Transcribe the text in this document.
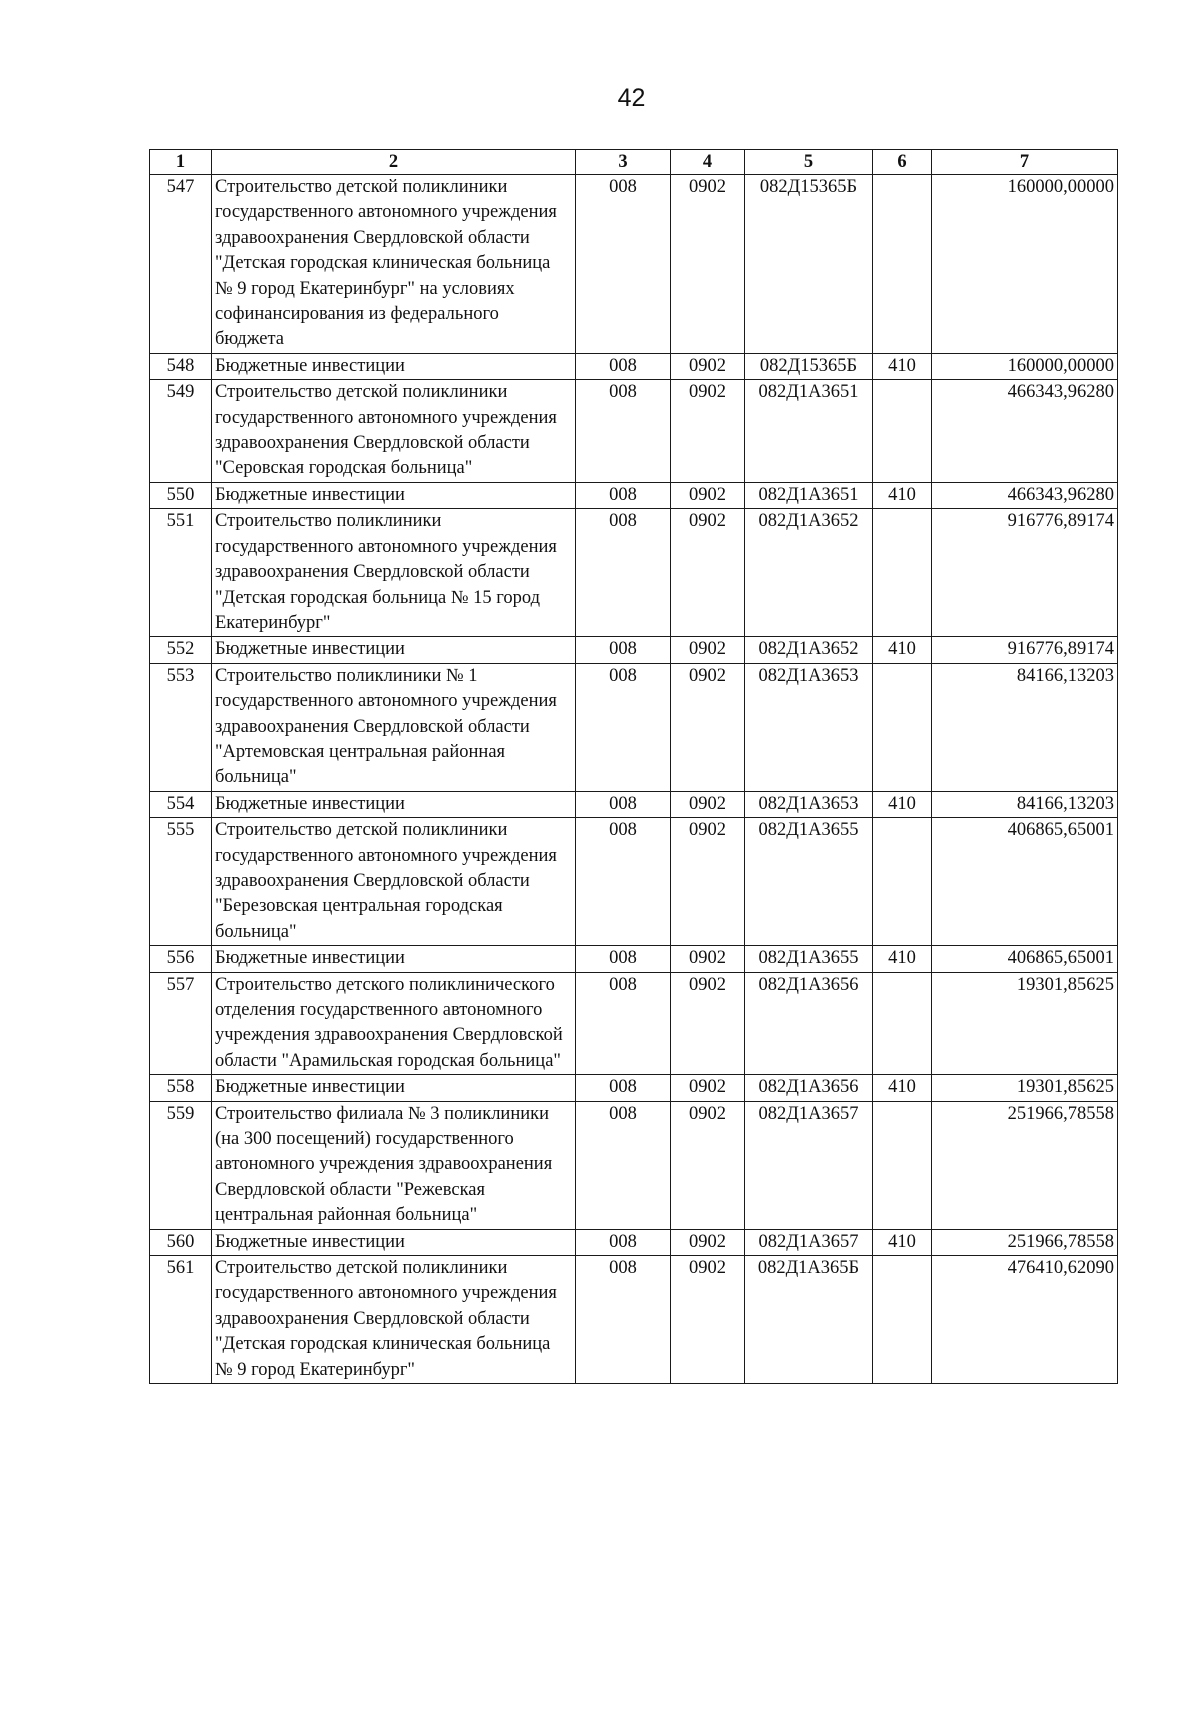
42
1	2	3	4	5	6	7
547	Строительство детской поликлиники государственного автономного учреждения здравоохранения Свердловской области "Детская городская клиническая больница № 9 город Екатеринбург" на условиях софинансирования из федерального бюджета	008	0902	082Д15365Б		160000,00000
548	Бюджетные инвестиции	008	0902	082Д15365Б	410	160000,00000
549	Строительство детской поликлиники государственного автономного учреждения здравоохранения Свердловской области "Серовская городская больница"	008	0902	082Д1А3651		466343,96280
550	Бюджетные инвестиции	008	0902	082Д1А3651	410	466343,96280
551	Строительство поликлиники государственного автономного учреждения здравоохранения Свердловской области "Детская городская больница № 15 город Екатеринбург"	008	0902	082Д1А3652		916776,89174
552	Бюджетные инвестиции	008	0902	082Д1А3652	410	916776,89174
553	Строительство поликлиники № 1 государственного автономного учреждения здравоохранения Свердловской области "Артемовская центральная районная больница"	008	0902	082Д1А3653		84166,13203
554	Бюджетные инвестиции	008	0902	082Д1А3653	410	84166,13203
555	Строительство детской поликлиники государственного автономного учреждения здравоохранения Свердловской области "Березовская центральная городская больница"	008	0902	082Д1А3655		406865,65001
556	Бюджетные инвестиции	008	0902	082Д1А3655	410	406865,65001
557	Строительство детского поликлинического отделения государственного автономного учреждения здравоохранения Свердловской области "Арамильская городская больница"	008	0902	082Д1А3656		19301,85625
558	Бюджетные инвестиции	008	0902	082Д1А3656	410	19301,85625
559	Строительство филиала № 3 поликлиники (на 300 посещений) государственного автономного учреждения здравоохранения Свердловской области "Режевская центральная районная больница"	008	0902	082Д1А3657		251966,78558
560	Бюджетные инвестиции	008	0902	082Д1А3657	410	251966,78558
561	Строительство детской поликлиники государственного автономного учреждения здравоохранения Свердловской области "Детская городская клиническая больница № 9 город Екатеринбург"	008	0902	082Д1А365Б		476410,62090
